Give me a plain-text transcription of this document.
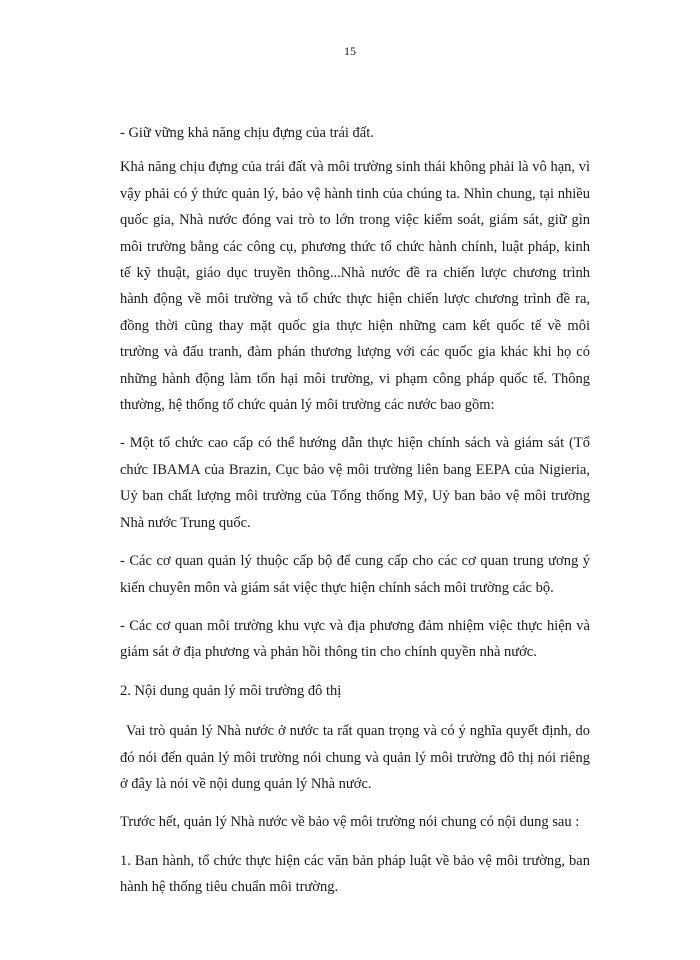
15

- Giữ vững khả năng chịu đựng của trái đất.

Khả năng chịu đựng của trái đất và môi trường sinh thái không phải là vô hạn, vì vậy phải có ý thức quản lý, bảo vệ hành tinh của chúng ta. Nhìn chung, tại nhiều quốc gia, Nhà nước đóng vai trò to lớn trong việc kiểm soát, giám sát, giữ gìn môi trường bằng các công cụ, phương thức tổ chức hành chính, luật pháp, kinh tế kỹ thuật, giáo dục truyền thông...Nhà nước đề ra chiến lược chương trình hành động về môi trường và tổ chức thực hiện chiến lược chương trình đề ra, đồng thời cũng thay mặt quốc gia thực hiện những cam kết quốc tế về môi trường và đấu tranh, đàm phán thương lượng với các quốc gia khác khi họ có những hành động làm tổn hại môi trường, vi phạm công pháp quốc tế. Thông thường, hệ thống tổ chức quản lý môi trường các nước bao gồm:

- Một tổ chức cao cấp có thể hướng dẫn thực hiện chính sách và giám sát (Tổ chức IBAMA của Brazin, Cục bảo vệ môi trường liên bang EEPA của Nigieria, Uỷ ban chất lượng môi trường của Tổng thống Mỹ, Uỷ ban bảo vệ môi trường Nhà nước Trung quốc.

- Các cơ quan quản lý thuộc cấp bộ để cung cấp cho các cơ quan trung ương ý kiến chuyên môn và giám sát việc thực hiện chính sách môi trường các bộ.

- Các cơ quan môi trường khu vực và địa phương đảm nhiệm việc thực hiện và giám sát ở địa phương và phản hồi thông tin cho chính quyền nhà nước.

2. Nội dung quản lý môi trường đô thị

Vai trò quản lý Nhà nước ở nước ta rất quan trọng và có ý nghĩa quyết định, do đó nói đến quản lý môi trường nói chung và quản lý môi trường đô thị nói riêng ở đây là nói về nội dung quản lý Nhà nước.

Trước hết, quản lý Nhà nước về bảo vệ môi trường nói chung có nội dung sau :

1. Ban hành, tổ chức thực hiện các văn bản pháp luật về bảo vệ môi trường, ban hành hệ thống tiêu chuẩn môi trường.
